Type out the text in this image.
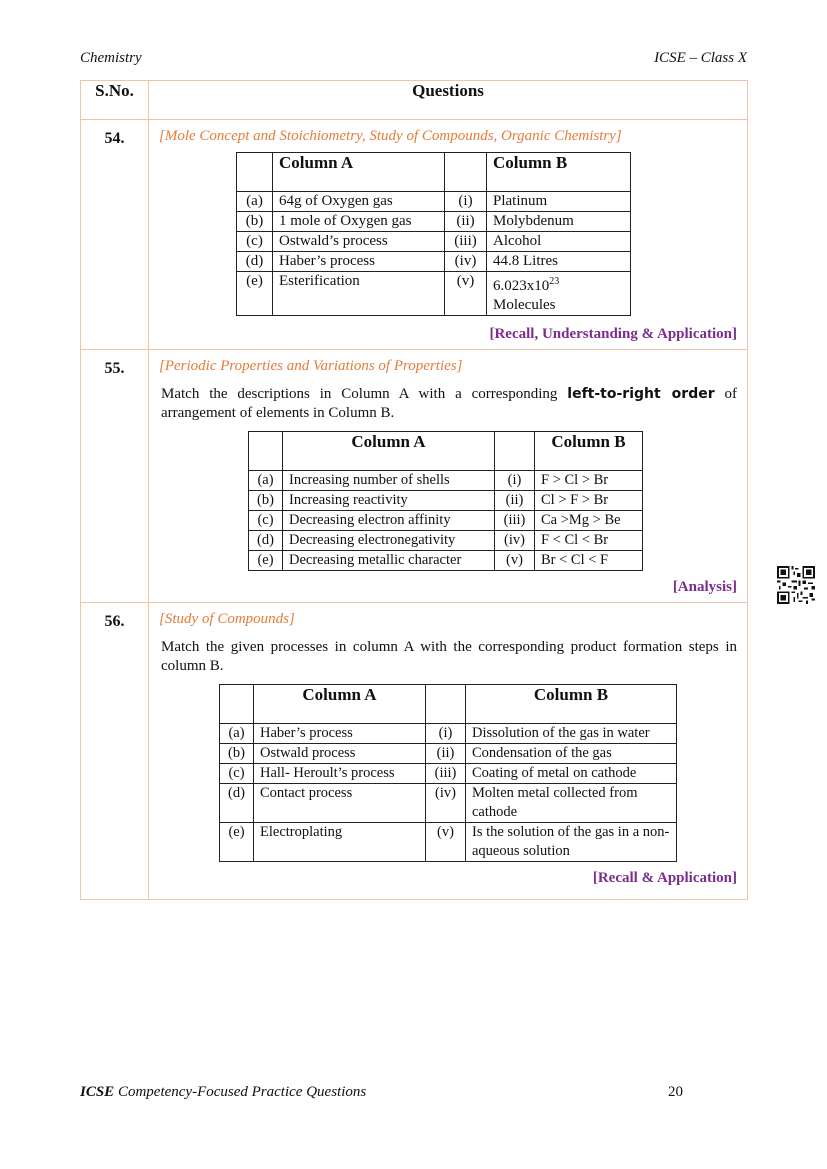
Chemistry	ICSE – Class X
S.No.	Questions
54.	[Mole Concept and Stoichiometry, Study of Compounds, Organic Chemistry]
	Column A		Column B
(a)	64g of Oxygen gas	(i)	Platinum
(b)	1 mole of Oxygen gas	(ii)	Molybdenum
(c)	Ostwald’s process	(iii)	Alcohol
(d)	Haber’s process	(iv)	44.8 Litres
(e)	Esterification	(v)	$6.023x10^{23}$ Molecules
[Recall, Understanding & Application]

55.	[Periodic Properties and Variations of Properties]
Match the descriptions in Column A with a corresponding left-to-right order of arrangement of elements in Column B.
	Column A		Column B
(a)	Increasing number of shells	(i)	F > Cl > Br
(b)	Increasing reactivity	(ii)	Cl > F > Br
(c)	Decreasing electron affinity	(iii)	Ca >Mg > Be
(d)	Decreasing electronegativity	(iv)	F < Cl < Br
(e)	Decreasing metallic character	(v)	Br < Cl < F
[Analysis]

56.	[Study of Compounds]
Match the given processes in column A with the corresponding product formation steps in column B.
	Column A		Column B
(a)	Haber’s process	(i)	Dissolution of the gas in water
(b)	Ostwald process	(ii)	Condensation of the gas
(c)	Hall- Heroult’s process	(iii)	Coating of metal on cathode
(d)	Contact process	(iv)	Molten metal collected from cathode
(e)	Electroplating	(v)	Is the solution of the gas in a non-aqueous solution
[Recall & Application]
ICSE Competency-Focused Practice Questions	20
